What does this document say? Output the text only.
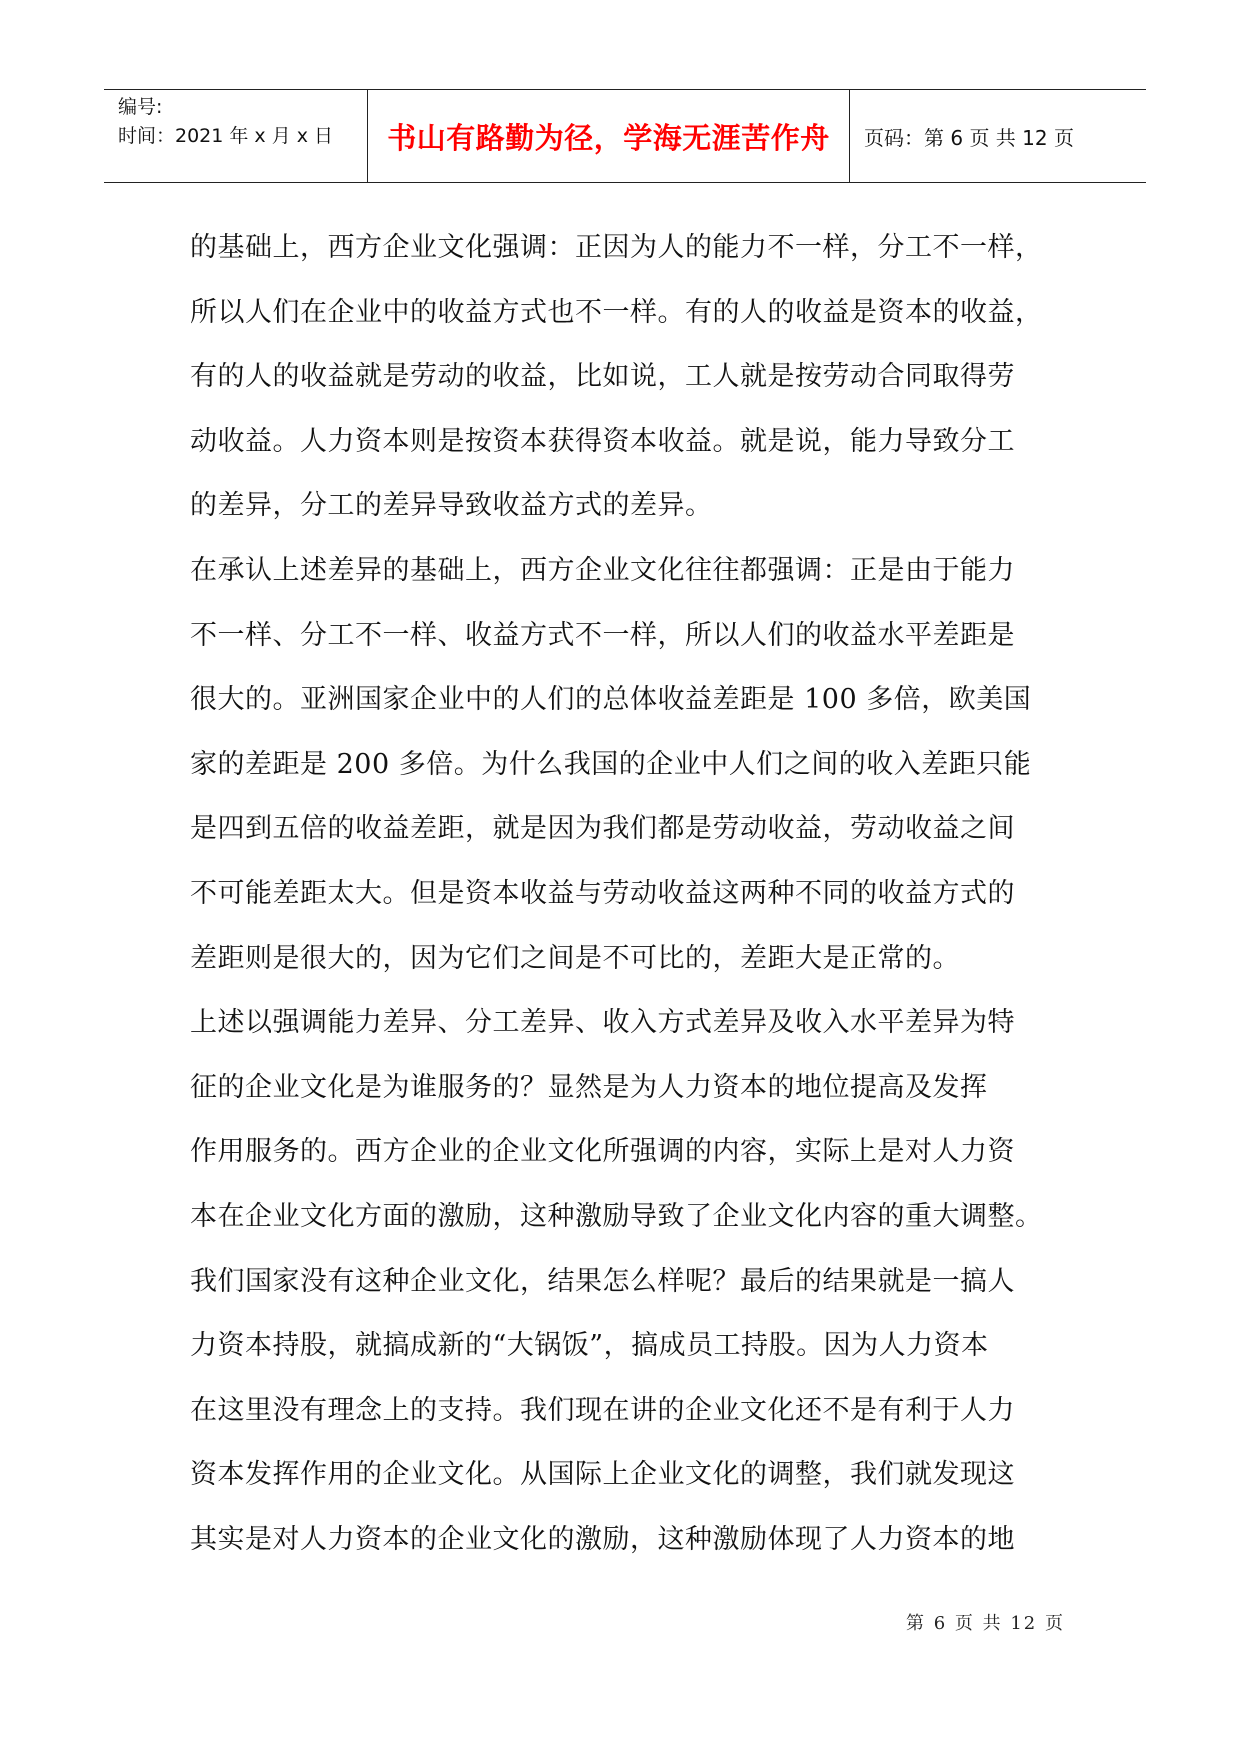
编号:
时间：2021 年 x 月 x 日	书山有路勤为径，学海无涯苦作舟 页码：第 6 页 共 12 页
的基础上，西方企业文化强调：正因为人的能力不一样，分工不一样，
所以人们在企业中的收益方式也不一样。有的人的收益是资本的收益，
有的人的收益就是劳动的收益，比如说，工人就是按劳动合同取得劳
动收益。人力资本则是按资本获得资本收益。就是说，能力导致分工
的差异，分工的差异导致收益方式的差异。
在承认上述差异的基础上，西方企业文化往往都强调：正是由于能力
不一样、分工不一样、收益方式不一样，所以人们的收益水平差距是
很大的。亚洲国家企业中的人们的总体收益差距是 100 多倍，欧美国
家的差距是 200 多倍。为什么我国的企业中人们之间的收入差距只能
是四到五倍的收益差距，就是因为我们都是劳动收益，劳动收益之间
不可能差距太大。但是资本收益与劳动收益这两种不同的收益方式的
差距则是很大的，因为它们之间是不可比的，差距大是正常的。
上述以强调能力差异、分工差异、收入方式差异及收入水平差异为特
征的企业文化是为谁服务的？显然是为人力资本的地位提高及发挥
作用服务的。西方企业的企业文化所强调的内容，实际上是对人力资
本在企业文化方面的激励，这种激励导致了企业文化内容的重大调整。
我们国家没有这种企业文化，结果怎么样呢？最后的结果就是一搞人
力资本持股，就搞成新的“大锅饭”，搞成员工持股。因为人力资本
在这里没有理念上的支持。我们现在讲的企业文化还不是有利于人力
资本发挥作用的企业文化。从国际上企业文化的调整，我们就发现这
其实是对人力资本的企业文化的激励，这种激励体现了人力资本的地
第 6 页 共 12 页
